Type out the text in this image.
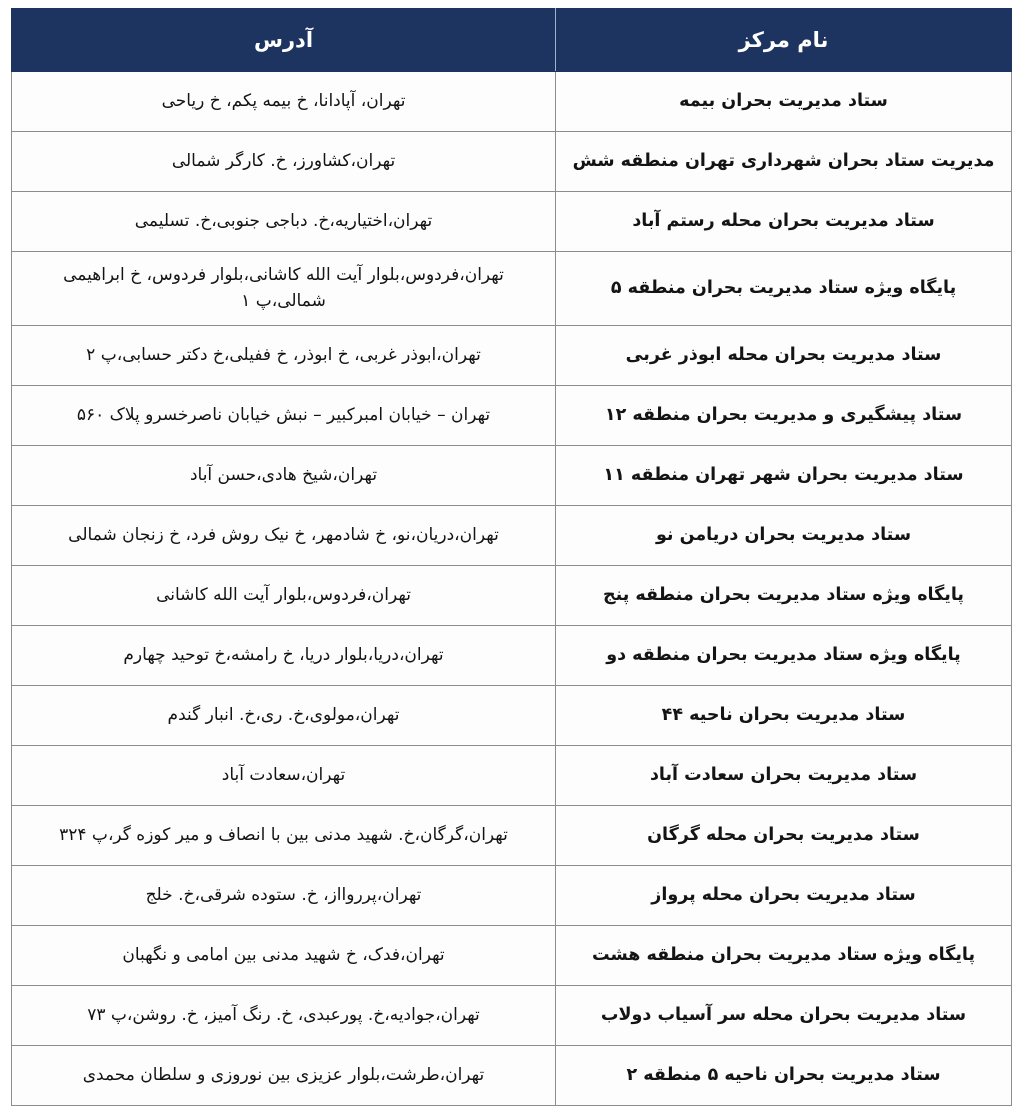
نام مرکز	آدرس
ستاد مدیریت بحران بیمه	تهران، آپادانا، خ بیمه پکم، خ ریاحی
مدیریت ستاد بحران شهرداری تهران منطقه شش	تهران،کشاورز، خ. کارگر شمالی
ستاد مدیریت بحران محله رستم آباد	تهران،اختیاریه،خ. دباجی جنوبی،خ. تسلیمی
پایگاه ویژه ستاد مدیریت بحران منطقه ۵	تهران،فردوس،بلوار آیت الله کاشانی،بلوار فردوس، خ ابراهیمی شمالی،پ ۱
ستاد مدیریت بحران محله ابوذر غربی	تهران،ابوذر غربی، خ ابوذر، خ ففیلی،خ دکتر حسابی،پ ۲
ستاد پیشگیری و مدیریت بحران منطقه ۱۲	تهران – خیابان امبرکبیر – نبش خیابان ناصرخسرو پلاک ۵۶۰
ستاد مدیریت بحران شهر تهران منطقه ۱۱	تهران،شیخ هادی،حسن آباد
ستاد مدیریت بحران دریامن نو	تهران،دریان،نو، خ شادمهر، خ نیک روش فرد، خ زنجان شمالی
پایگاه ویژه ستاد مدیریت بحران منطقه پنج	تهران،فردوس،بلوار آیت الله کاشانی
پایگاه ویژه ستاد مدیریت بحران منطقه دو	تهران،دریا،بلوار دریا، خ رامشه،خ توحید چهارم
ستاد مدیریت بحران ناحیه ۴۴	تهران،مولوی،خ. ری،خ. انبار گندم
ستاد مدیریت بحران سعادت آباد	تهران،سعادت آباد
ستاد مدیریت بحران محله گرگان	تهران،گرگان،خ. شهید مدنی بین با انصاف و میر کوزه گر،پ ۳۲۴
ستاد مدیریت بحران محله پرواز	تهران،پرروااز، خ. ستوده شرقی،خ. خلج
پایگاه ویژه ستاد مدیریت بحران منطقه هشت	تهران،فدک، خ شهید مدنی بین امامی و نگهبان
ستاد مدیریت بحران محله سر آسیاب دولاب	تهران،جوادیه،خ. پورعبدی، خ. رنگ آمیز، خ. روشن،پ ۷۳
ستاد مدیریت بحران ناحیه ۵ منطقه ۲	تهران،طرشت،بلوار عزیزی بین نوروزی و سلطان محمدی
